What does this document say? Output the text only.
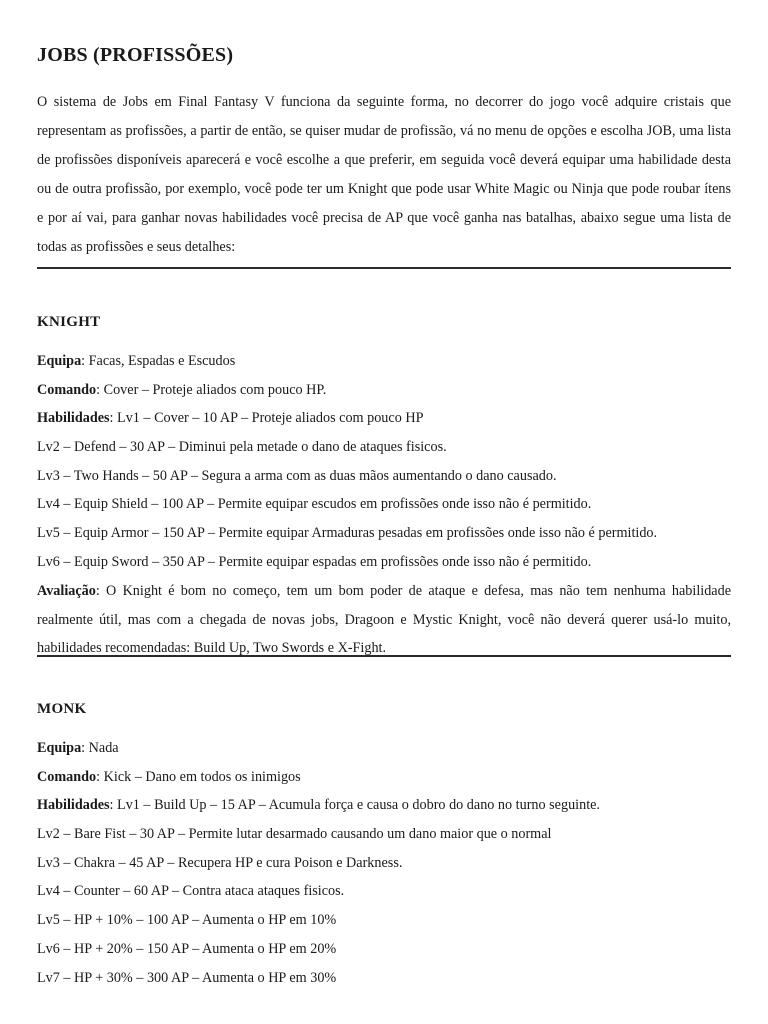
JOBS (PROFISSÕES)

O sistema de Jobs em Final Fantasy V funciona da seguinte forma, no decorrer do jogo você adquire cristais que representam as profissões, a partir de então, se quiser mudar de profissão, vá no menu de opções e escolha JOB, uma lista de profissões disponíveis aparecerá e você escolhe a que preferir, em seguida você deverá equipar uma habilidade desta ou de outra profissão, por exemplo, você pode ter um Knight que pode usar White Magic ou Ninja que pode roubar ítens e por aí vai, para ganhar novas habilidades você precisa de AP que você ganha nas batalhas, abaixo segue uma lista de todas as profissões e seus detalhes:

KNIGHT
Equipa: Facas, Espadas e Escudos
Comando: Cover – Proteje aliados com pouco HP.
Habilidades: Lv1 – Cover – 10 AP – Proteje aliados com pouco HP
Lv2 – Defend – 30 AP – Diminui pela metade o dano de ataques fisicos.
Lv3 – Two Hands – 50 AP – Segura a arma com as duas mãos aumentando o dano causado.
Lv4 – Equip Shield – 100 AP – Permite equipar escudos em profissões onde isso não é permitido.
Lv5 – Equip Armor – 150 AP – Permite equipar Armaduras pesadas em profissões onde isso não é permitido.
Lv6 – Equip Sword – 350 AP – Permite equipar espadas em profissões onde isso não é permitido.

Avaliação: O Knight é bom no começo, tem um bom poder de ataque e defesa, mas não tem nenhuma habilidade realmente útil, mas com a chegada de novas jobs, Dragoon e Mystic Knight, você não deverá querer usá-lo muito, habilidades recomendadas: Build Up, Two Swords e X-Fight.

MONK
Equipa: Nada
Comando: Kick – Dano em todos os inimigos
Habilidades: Lv1 – Build Up – 15 AP – Acumula força e causa o dobro do dano no turno seguinte.
Lv2 – Bare Fist – 30 AP – Permite lutar desarmado causando um dano maior que o normal
Lv3 – Chakra – 45 AP – Recupera HP e cura Poison e Darkness.
Lv4 – Counter – 60 AP – Contra ataca ataques fisicos.
Lv5 – HP + 10% – 100 AP – Aumenta o HP em 10%
Lv6 – HP + 20% – 150 AP – Aumenta o HP em 20%
Lv7 – HP + 30% – 300 AP – Aumenta o HP em 30%
